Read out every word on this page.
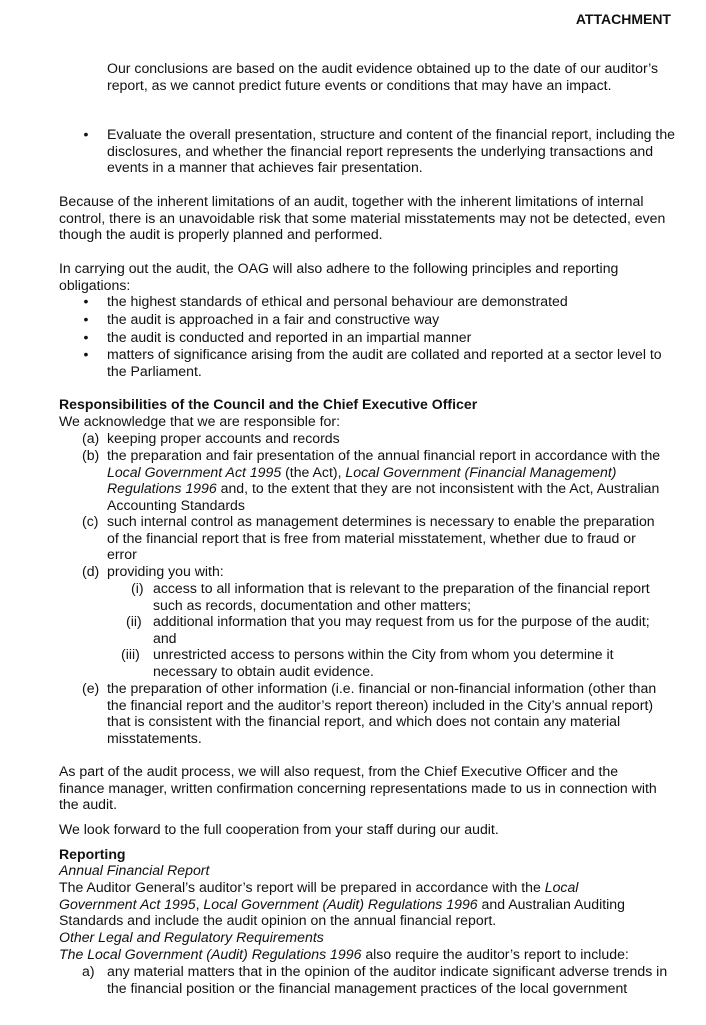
ATTACHMENT
Our conclusions are based on the audit evidence obtained up to the date of our auditor’s report, as we cannot predict future events or conditions that may have an impact.
• Evaluate the overall presentation, structure and content of the financial report, including the disclosures, and whether the financial report represents the underlying transactions and events in a manner that achieves fair presentation.
Because of the inherent limitations of an audit, together with the inherent limitations of internal control, there is an unavoidable risk that some material misstatements may not be detected, even though the audit is properly planned and performed.
In carrying out the audit, the OAG will also adhere to the following principles and reporting obligations:
• the highest standards of ethical and personal behaviour are demonstrated
• the audit is approached in a fair and constructive way
• the audit is conducted and reported in an impartial manner
• matters of significance arising from the audit are collated and reported at a sector level to the Parliament.
Responsibilities of the Council and the Chief Executive Officer
We acknowledge that we are responsible for:
(a) keeping proper accounts and records
(b) the preparation and fair presentation of the annual financial report in accordance with the Local Government Act 1995 (the Act), Local Government (Financial Management) Regulations 1996 and, to the extent that they are not inconsistent with the Act, Australian Accounting Standards
(c) such internal control as management determines is necessary to enable the preparation of the financial report that is free from material misstatement, whether due to fraud or error
(d) providing you with:
(i) access to all information that is relevant to the preparation of the financial report such as records, documentation and other matters;
(ii) additional information that you may request from us for the purpose of the audit; and
(iii) unrestricted access to persons within the City from whom you determine it necessary to obtain audit evidence.
(e) the preparation of other information (i.e. financial or non-financial information (other than the financial report and the auditor’s report thereon) included in the City’s annual report) that is consistent with the financial report, and which does not contain any material misstatements.
As part of the audit process, we will also request, from the Chief Executive Officer and the finance manager, written confirmation concerning representations made to us in connection with the audit.
We look forward to the full cooperation from your staff during our audit.
Reporting
Annual Financial Report
The Auditor General’s auditor’s report will be prepared in accordance with the Local Government Act 1995, Local Government (Audit) Regulations 1996 and Australian Auditing Standards and include the audit opinion on the annual financial report.
Other Legal and Regulatory Requirements
The Local Government (Audit) Regulations 1996 also require the auditor’s report to include:
a) any material matters that in the opinion of the auditor indicate significant adverse trends in the financial position or the financial management practices of the local government
